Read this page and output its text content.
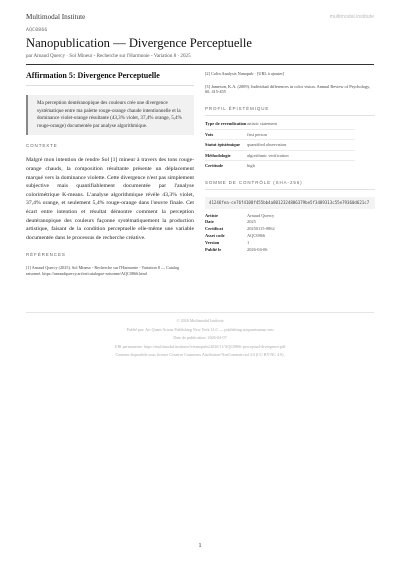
Multimodal Institute	multimodal.institute
AQC0866
Nanopublication — Divergence Perceptuelle
par Arnaud Quercy · Sol Mineur - Recherche sur l'Harmonie - Variation 8 · 2025
Affirmation 5: Divergence Perceptuelle
Ma perception deutéranopique des couleurs crée une divergence systématique entre ma palette rouge-orange chaude intentionnelle et la dominance violet-orange résultante (43,3% violet, 37,4% orange, 5,4% rouge-orange) documentée par analyse algorithmique.
CONTEXTE
Malgré mon intention de rendre Sol [1] mineur à travers des tons rouge-orange chauds, la composition résultante présente un déplacement marqué vers la dominance violette. Cette divergence n'est pas simplement subjective mais quantifiablement documentée par l'analyse colorimétrique K-means. L'analyse algorithmique révèle 43,3% violet, 37,4% orange, et seulement 5,4% rouge-orange dans l'œuvre finale. Cet écart entre intention et résultat démontre comment la perception deutéranopique des couleurs façonne systématiquement la production artistique, faisant de la condition perceptuelle elle-même une variable documentée dans le processus de recherche créative.
RÉFÉRENCES
[1] Arnaud Quercy (2025). Sol Mineur - Recherche sur l'Harmonie - Variation 8 — Catalog raisonné. https://arnaudquercy.art/en/catalogue-raisonne/AQC0866.html
[2] Colin Analysis Nanopub · [URL à ajouter]
[3] Jameson, K.A. (2009). Individual differences in color vision. Annual Review of Psychology, 60, 415-455
PROFIL ÉPISTÉMIQUE
Type de revendication	artistic statement
Voix	first person
Statut épistémique	quantified observation
Méthodologie	algorithmic verification
Certitude	high
SOMME DE CONTRÔLE (SHA-256)
41246fea-ce76f4108f455bb4a8012324806379be5f3489313c55e79360d621c7
Artiste	Arnaud Quercy
Date	2025
Certificat	20250115-0862
Asset code	AQC0866
Version	1
Publié le	2026-04-06
© 2026 Multimodal Institute
Publié par: Art Quant Artsna Publishing New York LLC — publishing.artquantsanna.com
Date de publication: 2026-04-07
URI permanente: https://multimodal.institute/fr/nanopubs/2026/11/AQC0866-perceptual-divergence.pdf
Contenu disponible sous licence Creative Commons Attribution-NonCommercial 4.0 (CC BY-NC 4.0).
1
